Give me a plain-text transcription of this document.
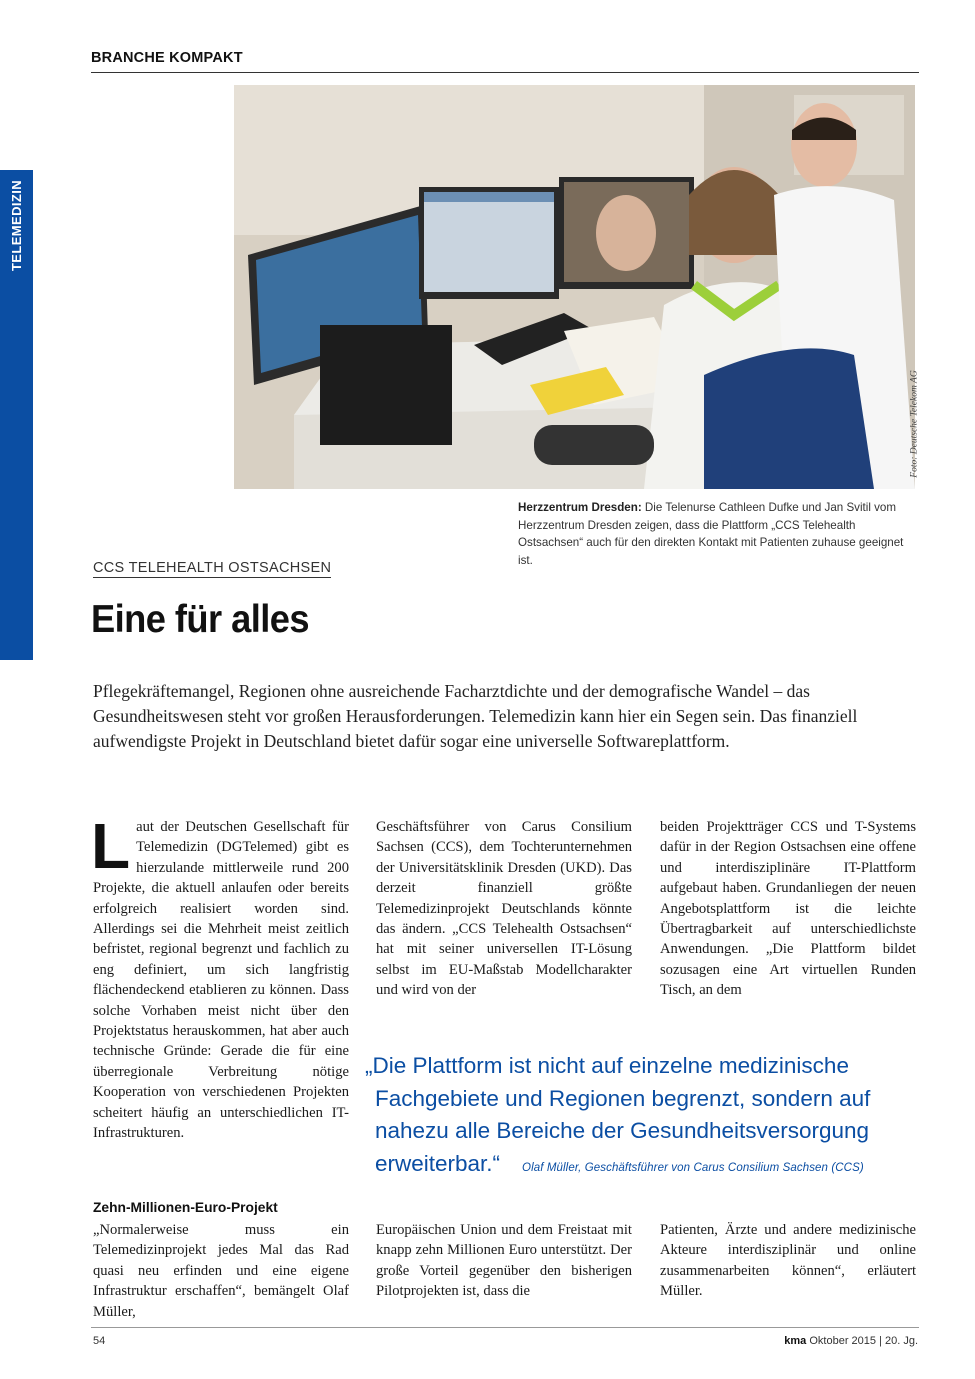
BRANCHE KOMPAKT
TELEMEDIZIN
Foto: Deutsche Telekom AG
Herzzentrum Dresden: Die Telenurse Cathleen Dufke und Jan Svitil vom Herzzentrum Dresden zeigen, dass die Plattform „CCS Telehealth Ostsachsen“ auch für den direkten Kontakt mit Patienten zuhause geeignet ist.
CCS TELEHEALTH OSTSACHSEN
Eine für alles
Pflegekräftemangel, Regionen ohne ausreichende Facharztdichte und der demografische Wandel – das Gesundheitswesen steht vor großen Herausforderungen. Telemedizin kann hier ein Segen sein. Das finanziell aufwendigste Projekt in Deutschland bietet dafür sogar eine universelle Softwareplattform.
Laut der Deutschen Gesellschaft für Telemedizin (DGTelemed) gibt es hierzulande mittlerweile rund 200 Projekte, die aktuell anlaufen oder bereits erfolgreich realisiert worden sind. Allerdings sei die Mehrheit meist zeitlich befristet, regional begrenzt und fachlich zu eng definiert, um sich langfristig flächendeckend etablieren zu können. Dass solche Vorhaben meist nicht über den Projektstatus herauskommen, hat aber auch technische Gründe: Gerade die für eine überregionale Verbreitung nötige Kooperation von verschiedenen Projekten scheitert häufig an unterschiedlichen IT-Infrastrukturen.
Geschäftsführer von Carus Consilium Sachsen (CCS), dem Tochterunternehmen der Universitätsklinik Dresden (UKD). Das derzeit finanziell größte Telemedizinprojekt Deutschlands könnte das ändern. „CCS Telehealth Ostsachsen“ hat mit seiner universellen IT-Lösung selbst im EU-Maßstab Modellcharakter und wird von der
beiden Projektträger CCS und T-Systems dafür in der Region Ostsachsen eine offene und interdisziplinäre IT-Plattform aufgebaut haben. Grundanliegen der neuen Angebotsplattform ist die leichte Übertragbarkeit auf unterschiedlichste Anwendungen. „Die Plattform bildet sozusagen eine Art virtuellen Runden Tisch, an dem
„Die Plattform ist nicht auf einzelne medizinische
Fachgebiete und Regionen begrenzt, sondern auf
nahezu alle Bereiche der Gesundheitsversorgung
erweiterbar.“ Olaf Müller, Geschäftsführer von Carus Consilium Sachsen (CCS)
Zehn-Millionen-Euro-Projekt
„Normalerweise muss ein Telemedizinprojekt jedes Mal das Rad quasi neu erfinden und eine eigene Infrastruktur erschaffen“, bemängelt Olaf Müller,
Europäischen Union und dem Freistaat mit knapp zehn Millionen Euro unterstützt. Der große Vorteil gegenüber den bisherigen Pilotprojekten ist, dass die
Patienten, Ärzte und andere medizinische Akteure interdisziplinär und online zusammenarbeiten können“, erläutert Müller.
54	kma Oktober 2015 | 20. Jg.
